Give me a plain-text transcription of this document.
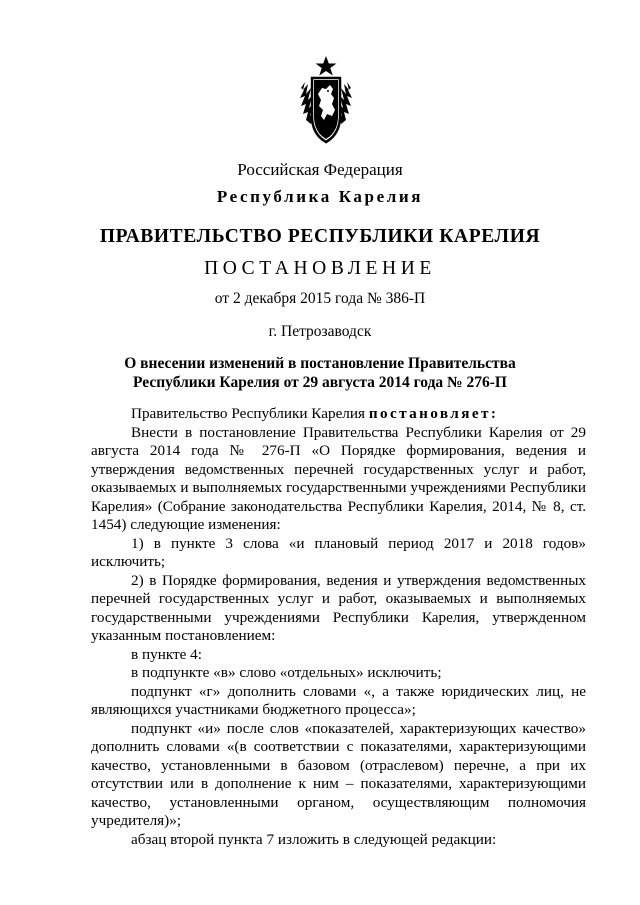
Российская Федерация
Республика Карелия
ПРАВИТЕЛЬСТВО РЕСПУБЛИКИ КАРЕЛИЯ
ПОСТАНОВЛЕНИЕ
от 2 декабря 2015 года № 386-П
г. Петрозаводск
О внесении изменений в постановление Правительства
Республики Карелия от 29 августа 2014 года № 276-П

Правительство Республики Карелия постановляет:

Внести в постановление Правительства Республики Карелия от 29 августа 2014 года № 276-П «О Порядке формирования, ведения и утверждения ведомственных перечней государственных услуг и работ, оказываемых и выполняемых государственными учреждениями Республики Карелия» (Собрание законодательства Республики Карелия, 2014, № 8, ст. 1454) следующие изменения:

1) в пункте 3 слова «и плановый период 2017 и 2018 годов» исключить;

2) в Порядке формирования, ведения и утверждения ведомственных перечней государственных услуг и работ, оказываемых и выполняемых государственными учреждениями Республики Карелия, утвержденном указанным постановлением:

в пункте 4:

в подпункте «в» слово «отдельных» исключить;

подпункт «г» дополнить словами «, а также юридических лиц, не являющихся участниками бюджетного процесса»;

подпункт «и» после слов «показателей, характеризующих качество» дополнить словами «(в соответствии с показателями, характеризующими качество, установленными в базовом (отраслевом) перечне, а при их отсутствии или в дополнение к ним – показателями, характеризующими качество, установленными органом, осуществляющим полномочия учредителя)»;

абзац второй пункта 7 изложить в следующей редакции:
